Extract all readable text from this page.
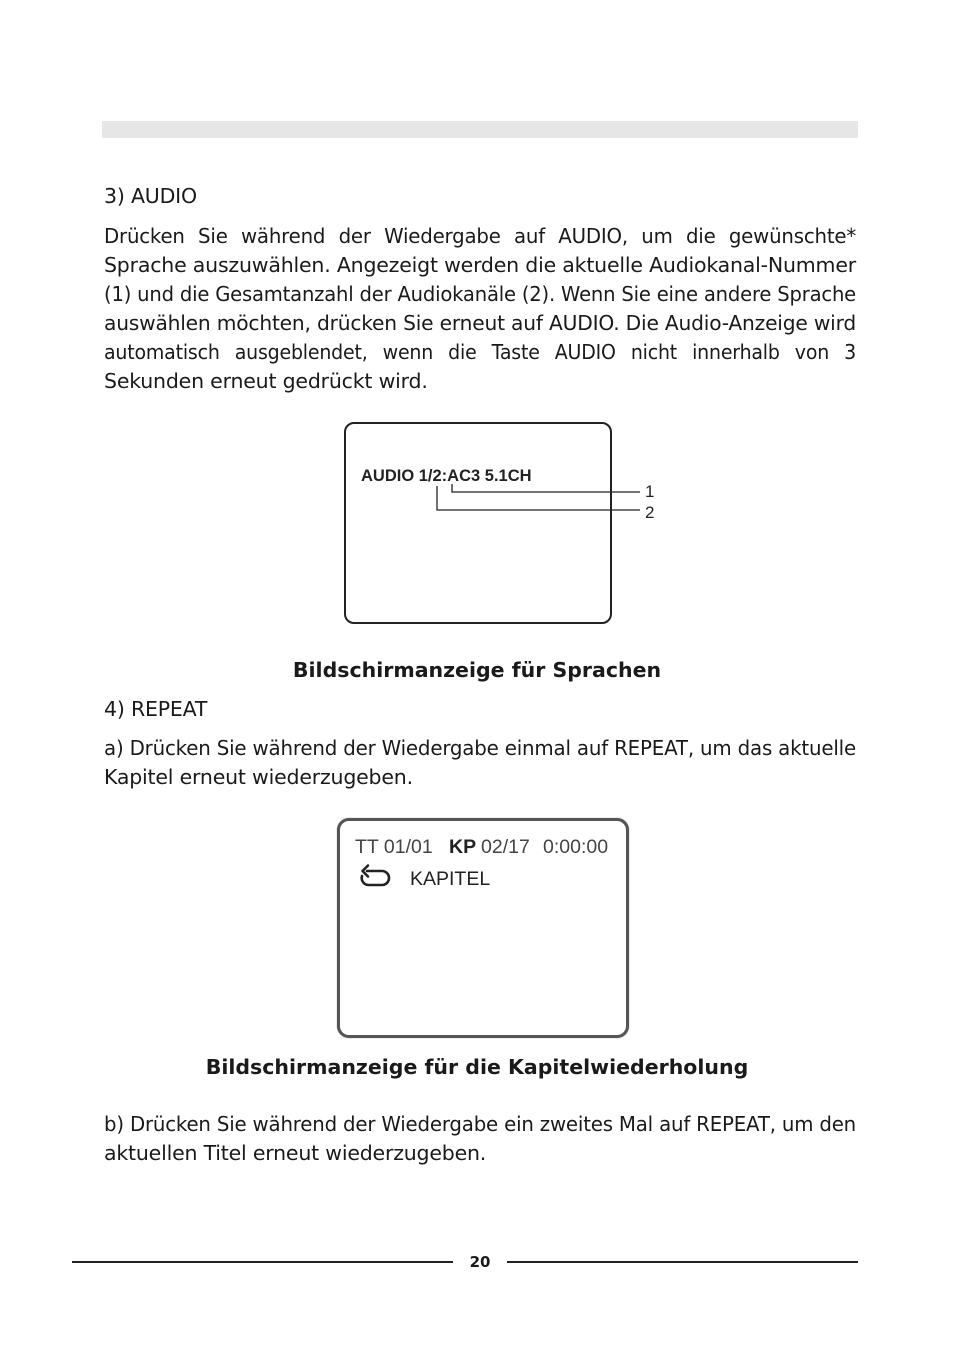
3) AUDIO

Drücken Sie während der Wiedergabe auf AUDIO, um die gewünschte*
Sprache auszuwählen. Angezeigt werden die aktuelle Audiokanal-Nummer
(1) und die Gesamtanzahl der Audiokanäle (2). Wenn Sie eine andere Sprache
auswählen möchten, drücken Sie erneut auf AUDIO. Die Audio-Anzeige wird
automatisch ausgeblendet, wenn die Taste AUDIO nicht innerhalb von 3
Sekunden erneut gedrückt wird.
AUDIO 1/2:AC3 5.1CH
1
2

Bildschirmanzeige für Sprachen

4) REPEAT

a) Drücken Sie während der Wiedergabe einmal auf REPEAT, um das aktuelle
Kapitel erneut wiederzugeben.
TT 01/01 KP 02/17 0:00:00
KAPITEL

Bildschirmanzeige für die Kapitelwiederholung

b) Drücken Sie während der Wiedergabe ein zweites Mal auf REPEAT, um den
aktuellen Titel erneut wiederzugeben.
20
